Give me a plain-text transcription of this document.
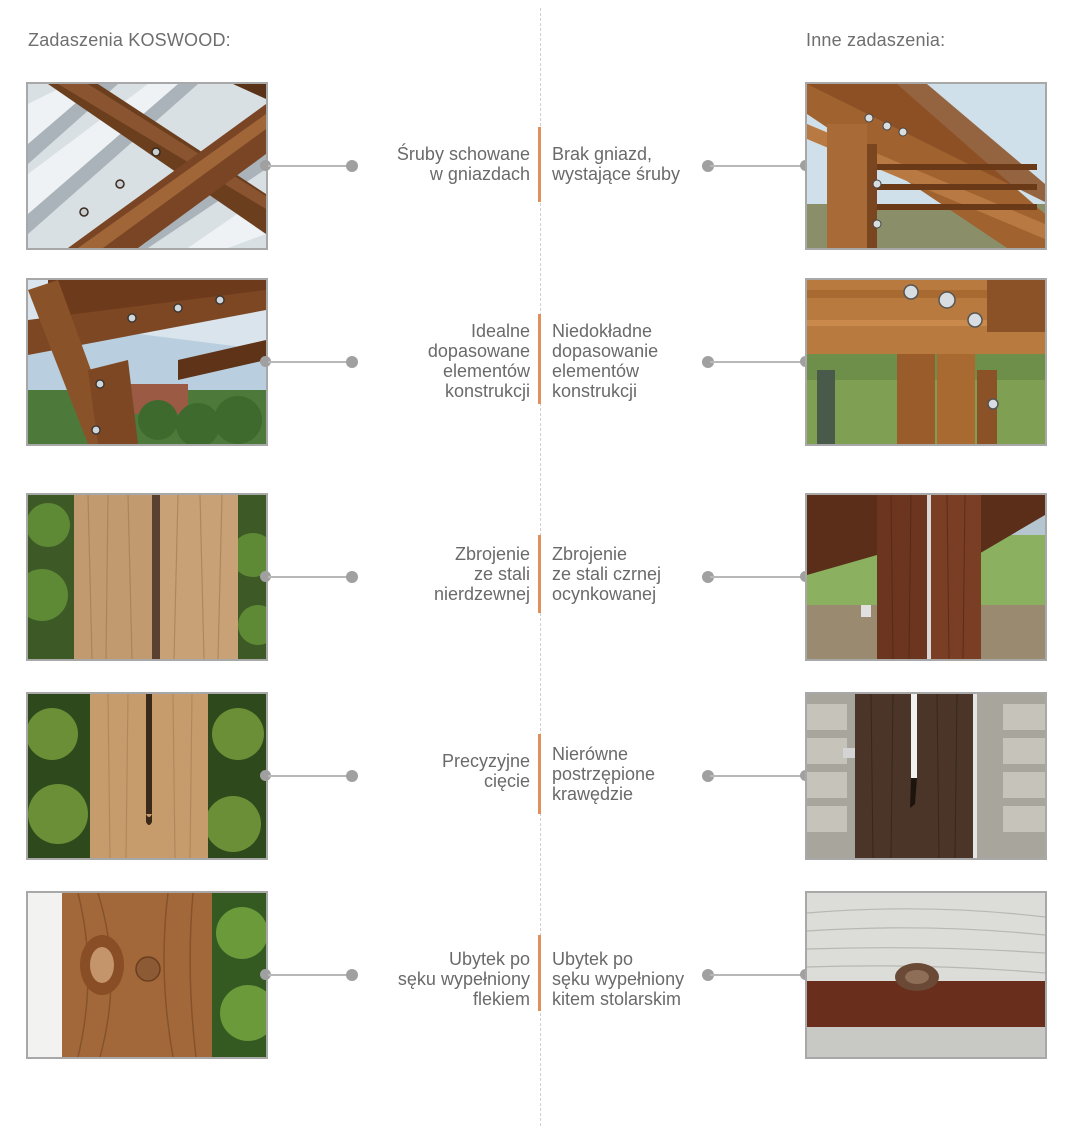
Zadaszenia KOSWOOD:	Inne zadaszenia:
Śruby schowane
w gniazdach
Brak gniazd,
wystające śruby
Idealne
dopasowane
elementów
konstrukcji
Niedokładne
dopasowanie
elementów
konstrukcji
Zbrojenie
ze stali
nierdzewnej
Zbrojenie
ze stali czrnej
ocynkowanej
Precyzyjne
cięcie
Nierówne
postrzępione
krawędzie
Ubytek po
sęku wypełniony
flekiem
Ubytek po
sęku wypełniony
kitem stolarskim
